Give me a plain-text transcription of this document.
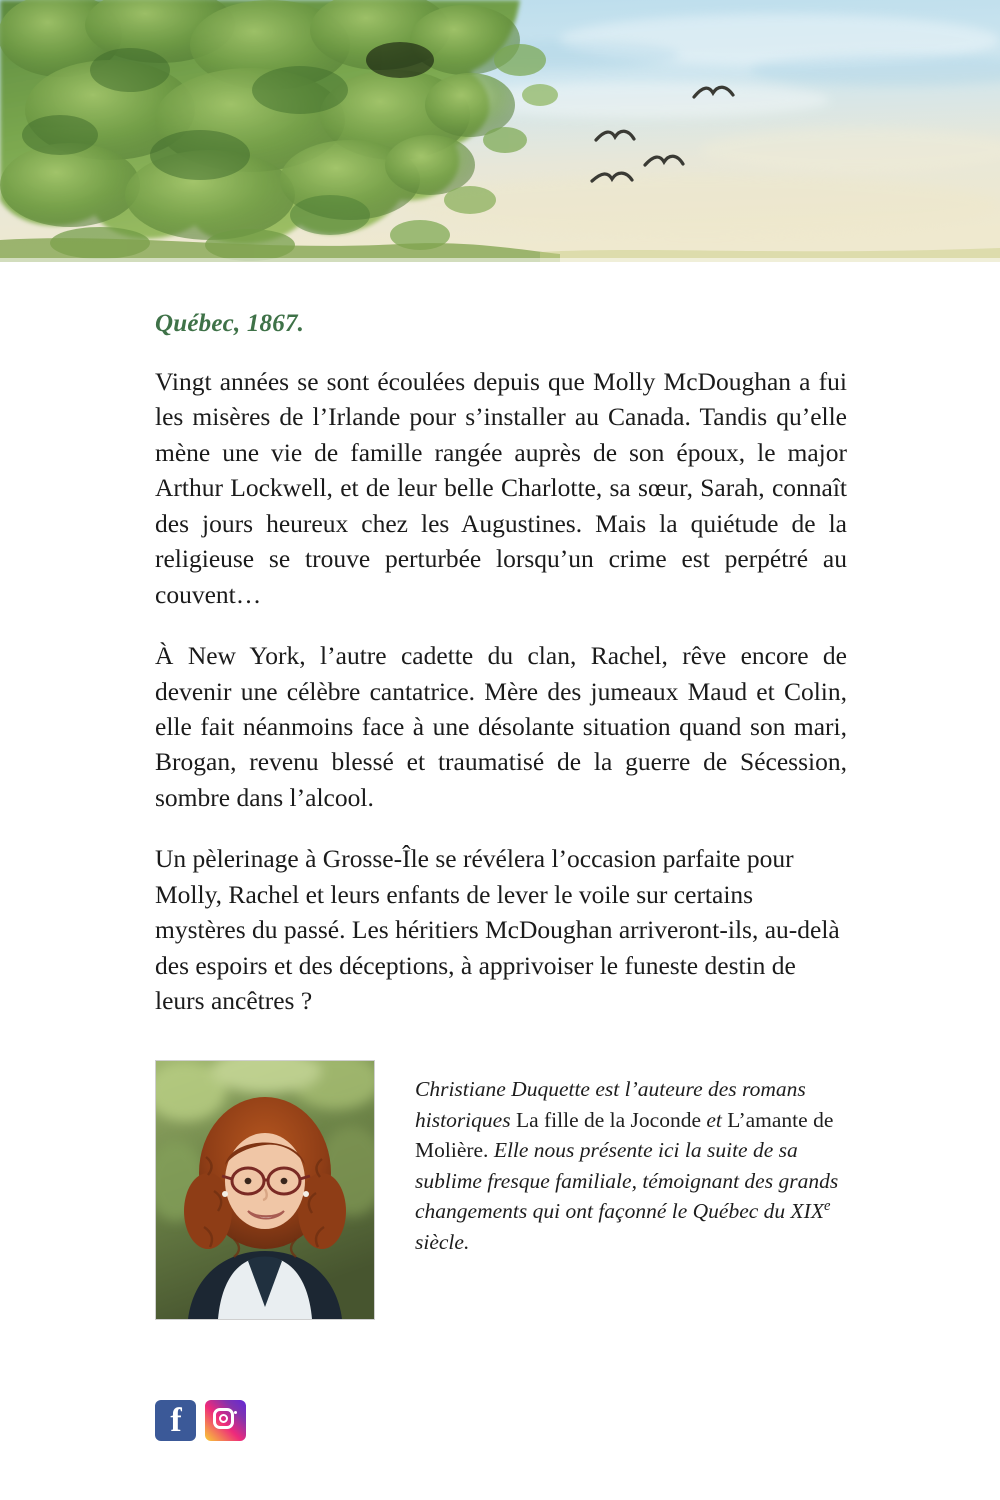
Québec, 1867.

Vingt années se sont écoulées depuis que Molly McDoughan a fui les misères de l’Irlande pour s’installer au Canada. Tandis qu’elle mène une vie de famille rangée auprès de son époux, le major Arthur Lockwell, et de leur belle Charlotte, sa sœur, Sarah, connaît des jours heureux chez les Augustines. Mais la quiétude de la religieuse se trouve perturbée lorsqu’un crime est perpétré au couvent…

À New York, l’autre cadette du clan, Rachel, rêve encore de devenir une célèbre cantatrice. Mère des jumeaux Maud et Colin, elle fait néanmoins face à une désolante situation quand son mari, Brogan, revenu blessé et traumatisé de la guerre de Sécession, sombre dans l’alcool.

Un pèlerinage à Grosse-Île se révélera l’occasion parfaite pour Molly, Rachel et leurs enfants de lever le voile sur certains mystères du passé. Les héritiers McDoughan arriveront-ils, au-delà des espoirs et des déceptions, à apprivoiser le funeste destin de leurs ancêtres ?

Christiane Duquette est l’auteure des romans historiques La fille de la Joconde et L’amante de Molière. Elle nous présente ici la suite de sa sublime fresque familiale, témoignant des grands changements qui ont façonné le Québec du XIXe siècle.
f
